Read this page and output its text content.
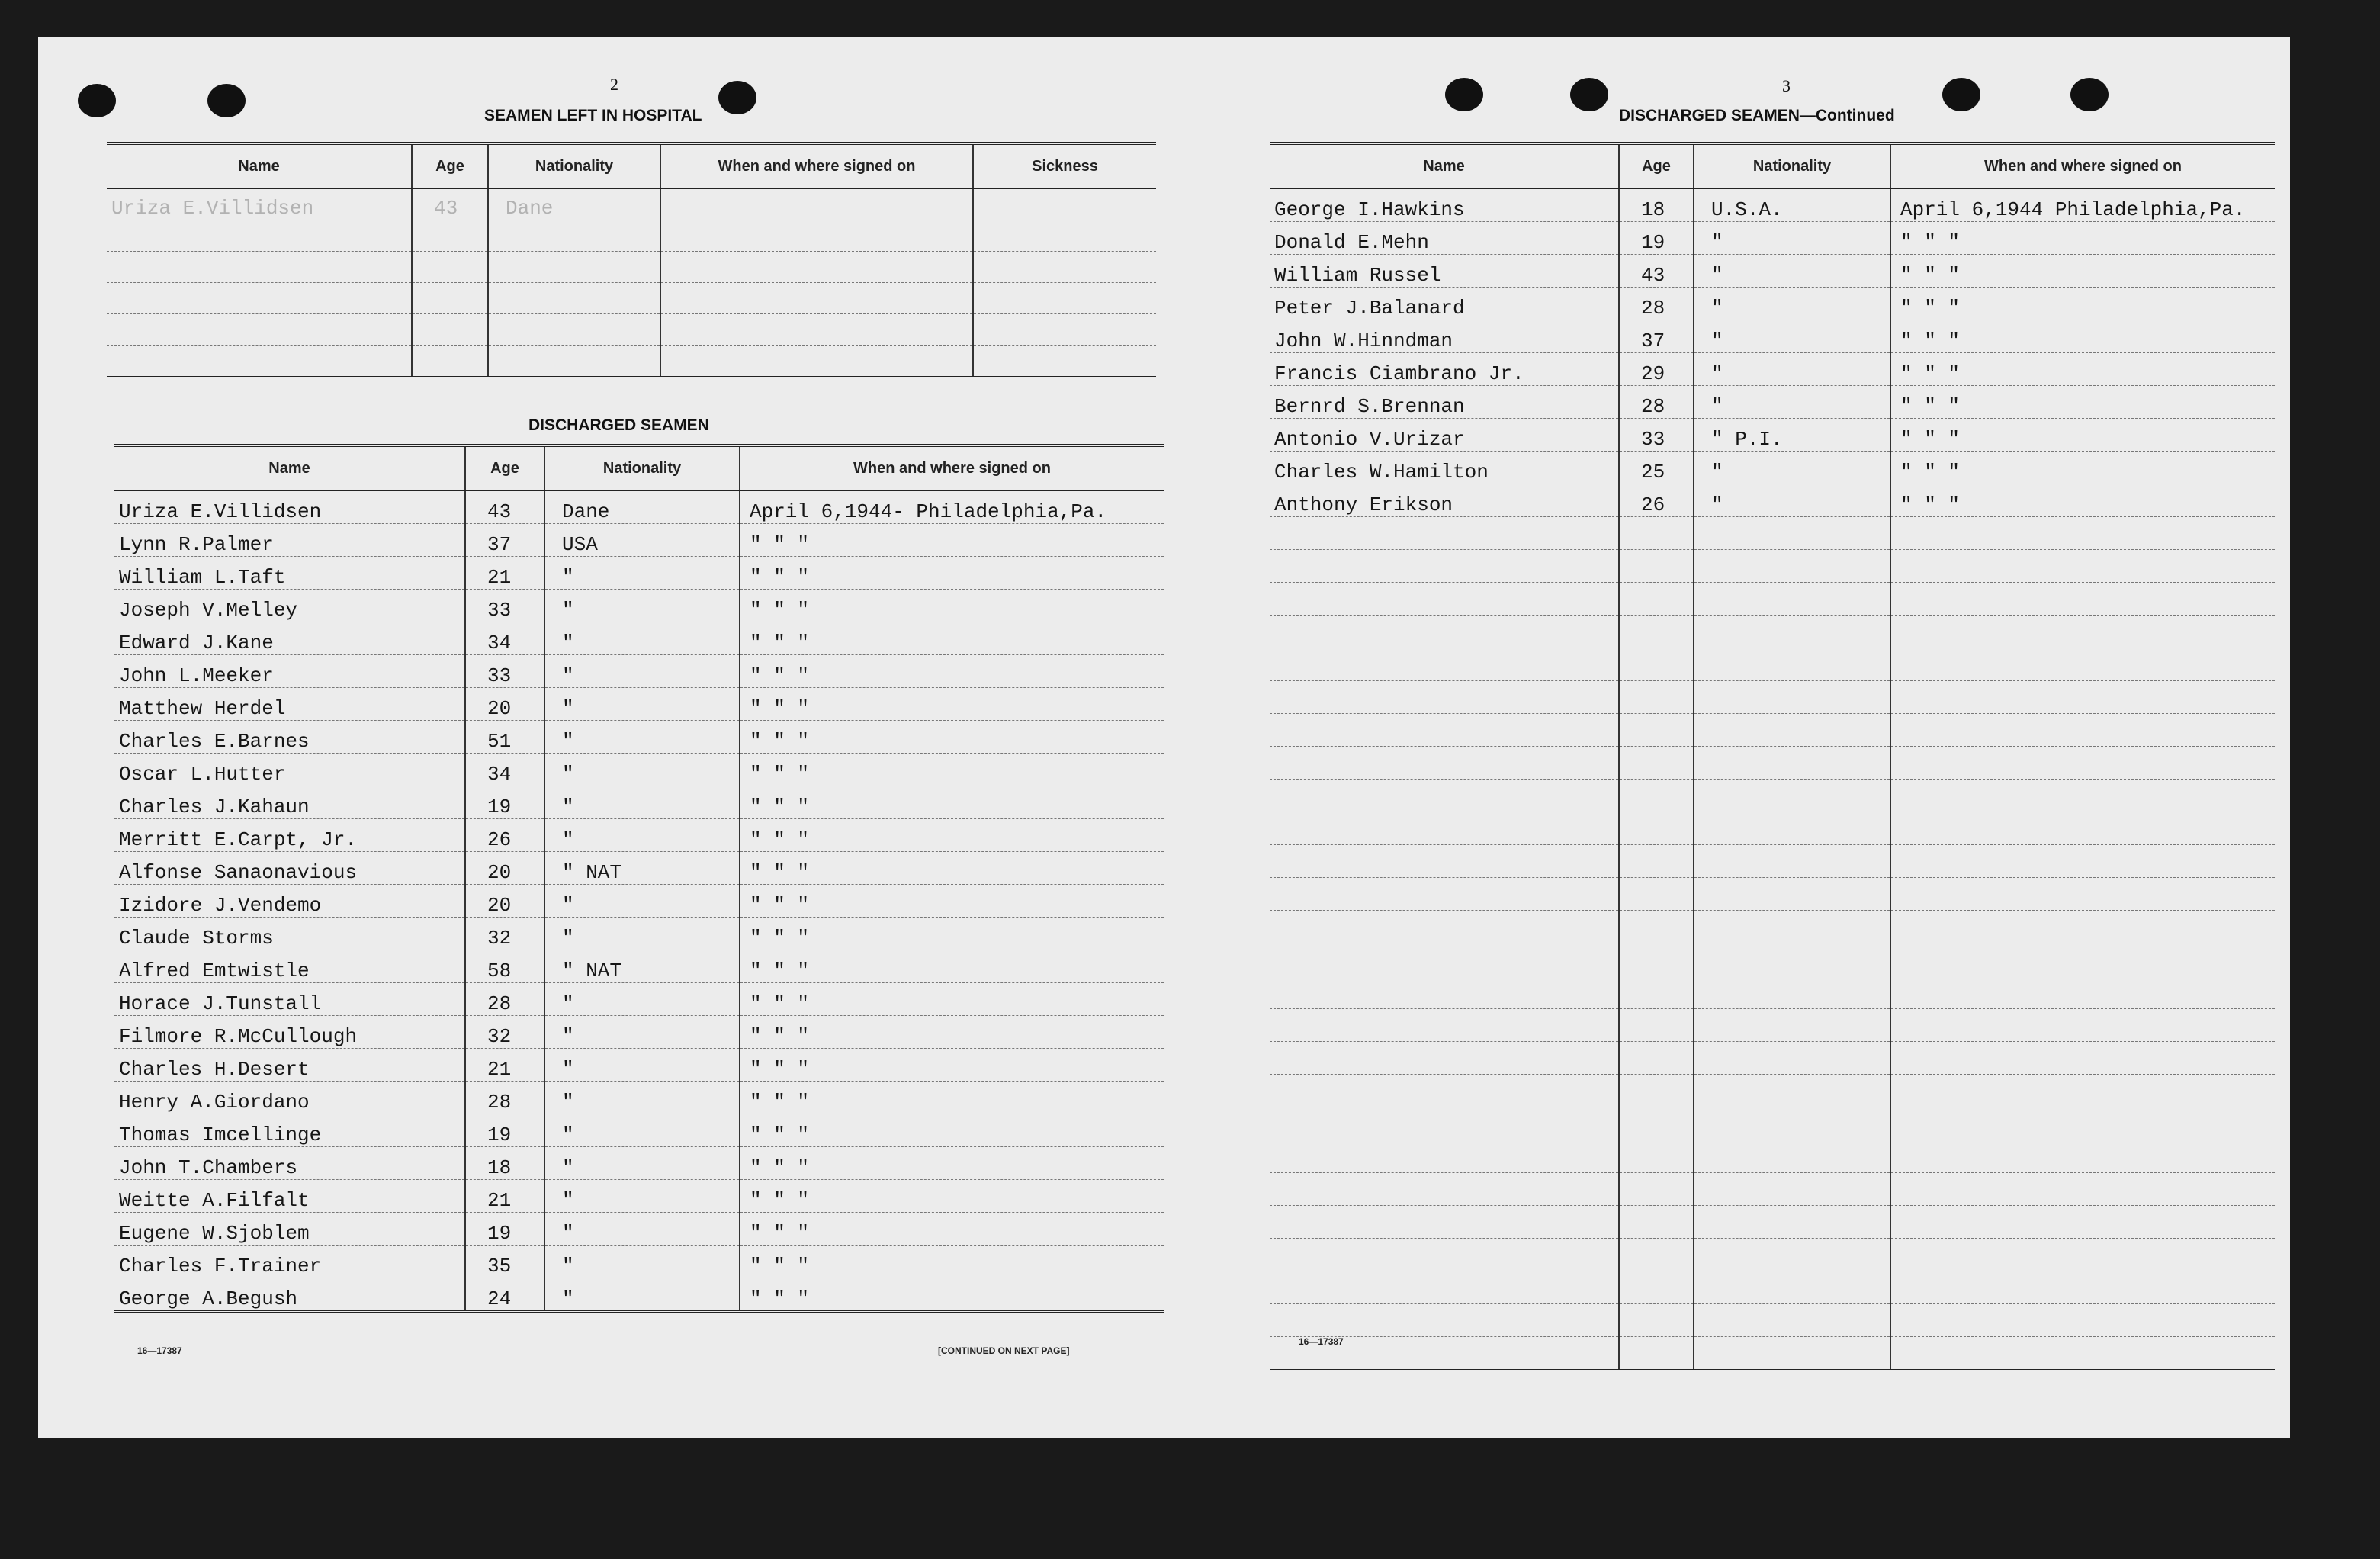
2
SEAMEN LEFT IN HOSPITAL
Name	Age	Nationality	When and where signed on	Sickness
Uriza E.Villidsen	43	Dane		

DISCHARGED SEAMEN
Name	Age	Nationality	When and where signed on
Uriza E.Villidsen	43	Dane	April 6,1944- Philadelphia,Pa.
Lynn R.Palmer	37	USA	" " "
William L.Taft	21	"	" " "
Joseph V.Melley	33	"	" " "
Edward J.Kane	34	"	" " "
John L.Meeker	33	"	" " "
Matthew Herdel	20	"	" " "
Charles E.Barnes	51	"	" " "
Oscar L.Hutter	34	"	" " "
Charles J.Kahaun	19	"	" " "
Merritt E.Carpt, Jr.	26	"	" " "
Alfonse Sanaonavious	20	" NAT	" " "
Izidore J.Vendemo	20	"	" " "
Claude Storms	32	"	" " "
Alfred Emtwistle	58	" NAT	" " "
Horace J.Tunstall	28	"	" " "
Filmore R.McCullough	32	"	" " "
Charles H.Desert	21	"	" " "
Henry A.Giordano	28	"	" " "
Thomas Imcellinge	19	"	" " "
John T.Chambers	18	"	" " "
Weitte A.Filfalt	21	"	" " "
Eugene W.Sjoblem	19	"	" " "
Charles F.Trainer	35	"	" " "
George A.Begush	24	"	" " "
16—17387	[CONTINUED ON NEXT PAGE]
3
DISCHARGED SEAMEN—Continued
Name	Age	Nationality	When and where signed on
George I.Hawkins	18	U.S.A.	April 6,1944 Philadelphia,Pa.
Donald E.Mehn	19	"	" " "
William Russel	43	"	" " "
Peter J.Balanard	28	"	" " "
John W.Hinndman	37	"	" " "
Francis Ciambrano Jr.	29	"	" " "
Bernrd S.Brennan	28	"	" " "
Antonio V.Urizar	33	" P.I.	" " "
Charles W.Hamilton	25	"	" " "
Anthony Erikson	26	"	" " "

16—17387
